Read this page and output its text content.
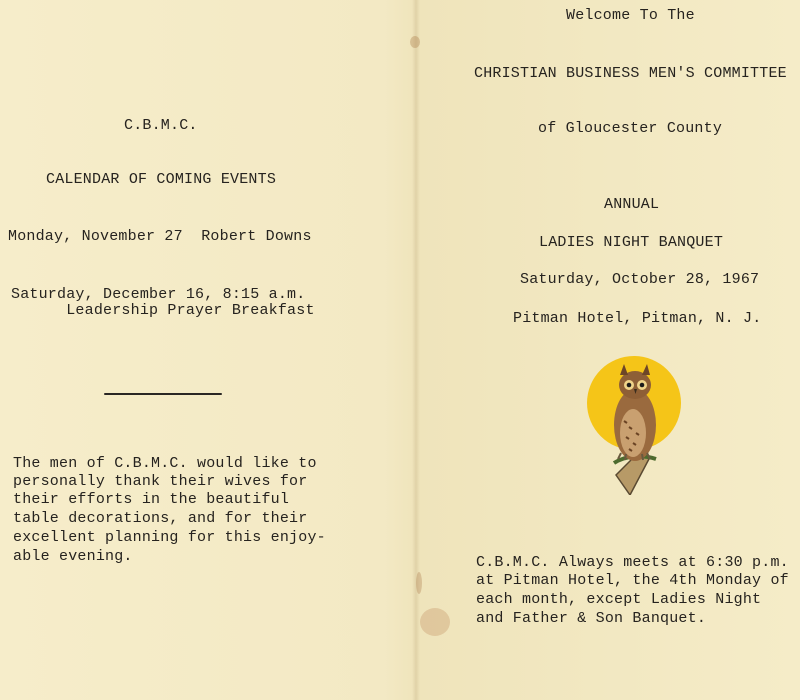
C.B.M.C.
CALENDAR OF COMING EVENTS
Monday, November 27  Robert Downs
Saturday, December 16, 8:15 a.m.
Leadership Prayer Breakfast
The men of C.B.M.C. would like to
personally thank their wives for
their efforts in the beautiful
table decorations, and for their
excellent planning for this enjoy-
able evening.
Welcome To The
CHRISTIAN BUSINESS MEN'S COMMITTEE
of Gloucester County
ANNUAL
LADIES NIGHT BANQUET
Saturday, October 28, 1967
Pitman Hotel, Pitman, N. J.
C.B.M.C. Always meets at 6:30 p.m.
at Pitman Hotel, the 4th Monday of
each month, except Ladies Night
and Father & Son Banquet.
